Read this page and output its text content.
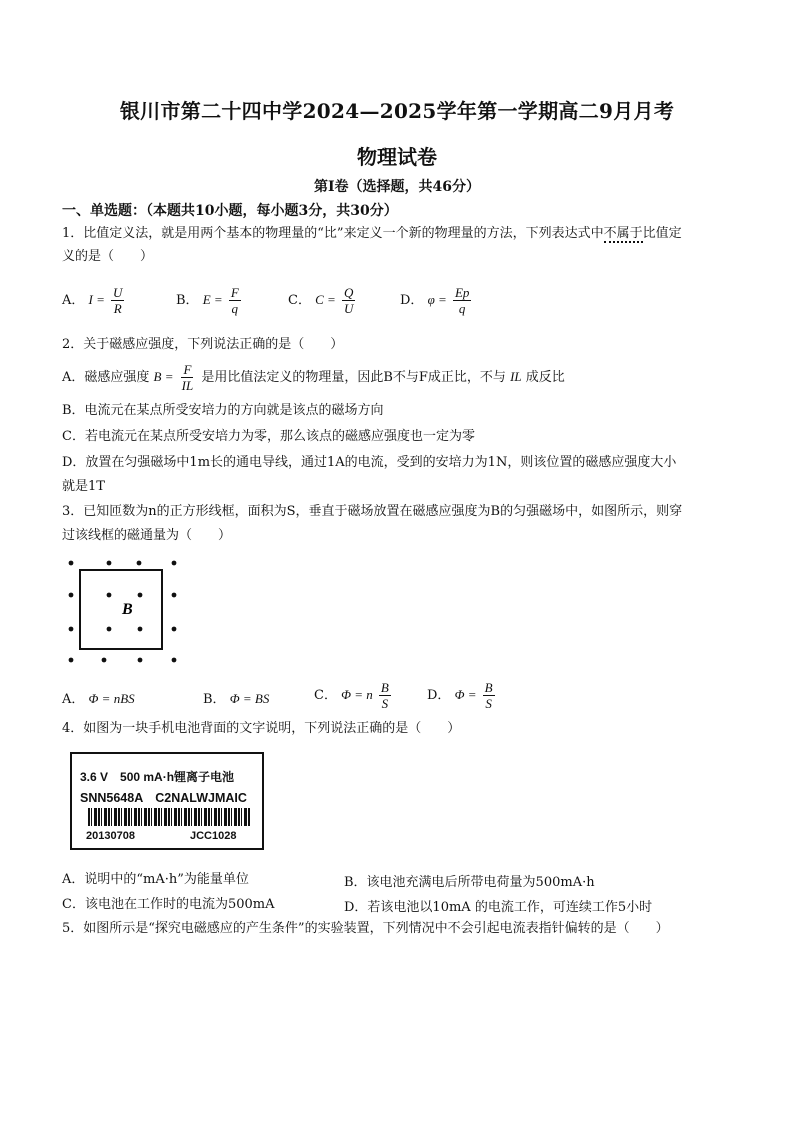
银川市第二十四中学2024—2025学年第一学期高二9月月考
物理试卷
第Ⅰ卷（选择题，共46分）
一、单选题：（本题共10小题，每小题3分，共30分）
1．比值定义法，就是用两个基本的物理量的“比”来定义一个新的物理量的方法，下列表达式中不属于比值定
义的是（　　）
A． $I = \frac{U}{R}$	B． $E = \frac{F}{q}$	C． $C = \frac{Q}{U}$	D． $\varphi = \frac{Ep}{q}$
2．关于磁感应强度，下列说法正确的是（　　）
A．磁感应强度 $B = \frac{F}{IL}$ 是用比值法定义的物理量，因此B不与F成正比，不与 IL 成反比
B．电流元在某点所受安培力的方向就是该点的磁场方向
C．若电流元在某点所受安培力为零，那么该点的磁感应强度也一定为零
D．放置在匀强磁场中1m长的通电导线，通过1A的电流，受到的安培力为1N，则该位置的磁感应强度大小
就是1T
3．已知匝数为n的正方形线框，面积为S，垂直于磁场放置在磁感应强度为B的匀强磁场中，如图所示，则穿
过该线框的磁通量为（　　）
B
A． Φ = nBS	B． Φ = BS	C． Φ = n $\frac{B}{S}$	D． $\Phi = \frac{B}{S}$
4．如图为一块手机电池背面的文字说明，下列说法正确的是（　　）
3.6 V　500 mA·h锂离子电池
SNN5648A　C2NALWJMAIC
20130708	JCC1028
A．说明中的“mA·h”为能量单位	B．该电池充满电后所带电荷量为500mA·h
C．该电池在工作时的电流为500mA	D．若该电池以10mA 的电流工作，可连续工作5小时
5．如图所示是“探究电磁感应的产生条件”的实验装置，下列情况中不会引起电流表指针偏转的是（　　）
